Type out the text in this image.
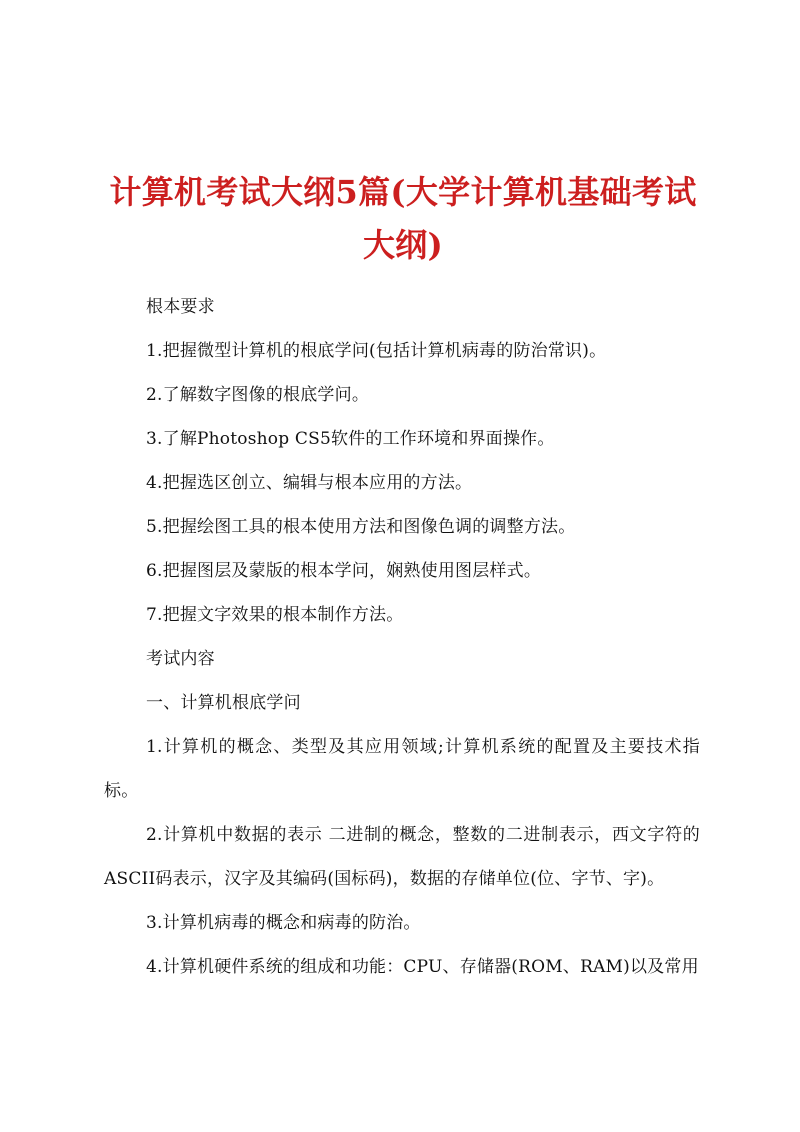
计算机考试大纲5篇(大学计算机基础考试大纲)

根本要求

1.把握微型计算机的根底学问(包括计算机病毒的防治常识)。

2.了解数字图像的根底学问。

3.了解Photoshop CS5软件的工作环境和界面操作。

4.把握选区创立、编辑与根本应用的方法。

5.把握绘图工具的根本使用方法和图像色调的调整方法。

6.把握图层及蒙版的根本学问，娴熟使用图层样式。

7.把握文字效果的根本制作方法。

考试内容

一、计算机根底学问

1.计算机的概念、类型及其应用领域;计算机系统的配置及主要技术指标。

2.计算机中数据的表示 二进制的概念，整数的二进制表示，西文字符的ASCII码表示，汉字及其编码(国标码)，数据的存储单位(位、字节、字)。

3.计算机病毒的概念和病毒的防治。

4.计算机硬件系统的组成和功能：CPU、存储器(ROM、RAM)以及常用
